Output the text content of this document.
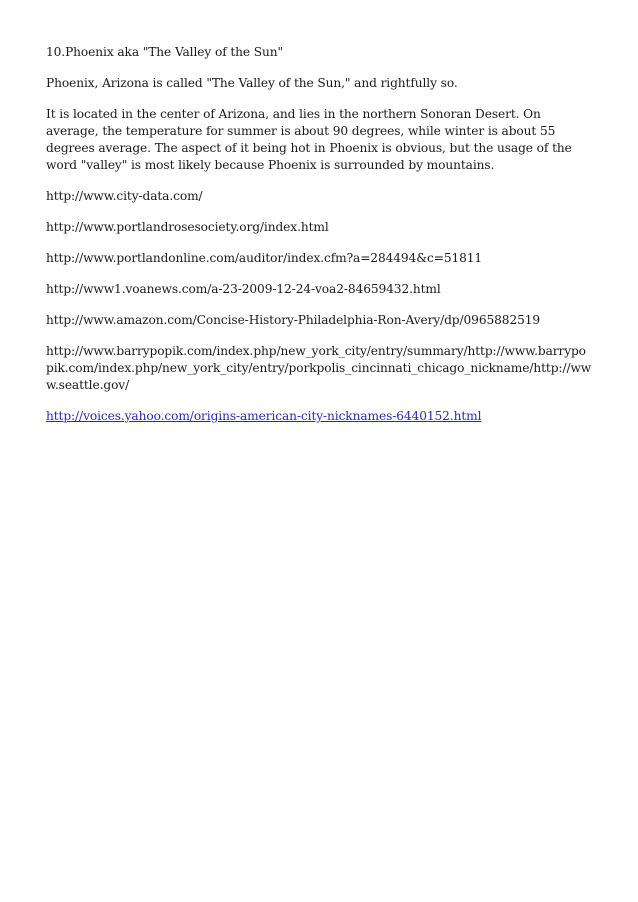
10.Phoenix aka "The Valley of the Sun"

Phoenix, Arizona is called "The Valley of the Sun," and rightfully so.

It is located in the center of Arizona, and lies in the northern Sonoran Desert. On average, the temperature for summer is about 90 degrees, while winter is about 55 degrees average. The aspect of it being hot in Phoenix is obvious, but the usage of the word "valley" is most likely because Phoenix is surrounded by mountains.

http://www.city-data.com/

http://www.portlandrosesociety.org/index.html

http://www.portlandonline.com/auditor/index.cfm?a=284494&c=51811

http://www1.voanews.com/a-23-2009-12-24-voa2-84659432.html

http://www.amazon.com/Concise-History-Philadelphia-Ron-Avery/dp/0965882519

http://www.barrypopik.com/index.php/new_york_city/entry/summary/http://www.barrypopik.com/index.php/new_york_city/entry/porkpolis_cincinnati_chicago_nickname/http://www.seattle.gov/

http://voices.yahoo.com/origins-american-city-nicknames-6440152.html
